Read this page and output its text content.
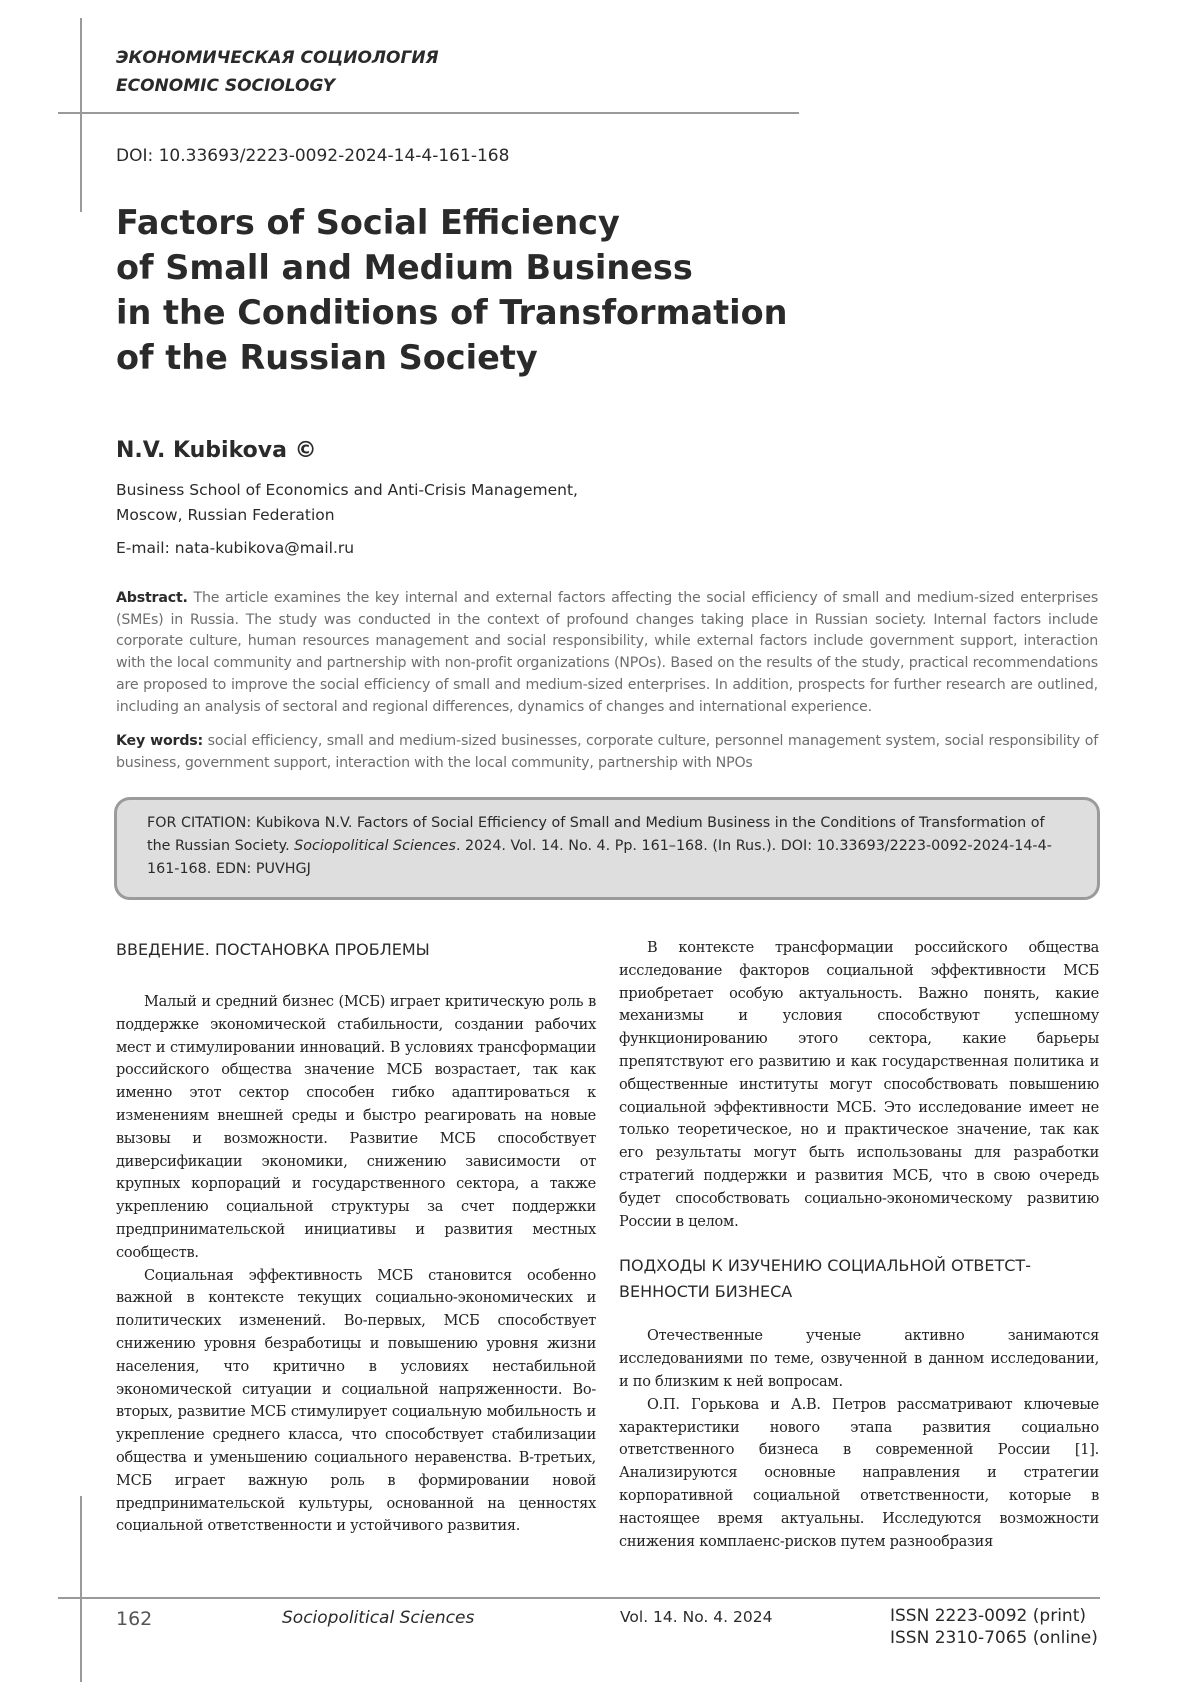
ЭКОНОМИЧЕСКАЯ СОЦИОЛОГИЯ
ECONOMIC SOCIOLOGY
DOI: 10.33693/2223-0092-2024-14-4-161-168
Factors of Social Efficiency
of Small and Medium Business
in the Conditions of Transformation
of the Russian Society
N.V. Kubikova ©
Business School of Economics and Anti-Crisis Management,
Moscow, Russian Federation
E-mail: nata-kubikova@mail.ru

Abstract. The article examines the key internal and external factors affecting the social efficiency of small and medium-sized enterprises (SMEs) in Russia. The study was conducted in the context of profound changes taking place in Russian society. Internal factors include corporate culture, human resources management and social responsibility, while external factors include government support, interaction with the local community and partnership with non-profit organizations (NPOs). Based on the results of the study, practical recommendations are proposed to improve the social efficiency of small and medium-sized enterprises. In addition, prospects for further research are outlined, including an analysis of sectoral and regional differences, dynamics of changes and international experience.

Key words: social efficiency, small and medium-sized businesses, corporate culture, personnel management system, social responsibility of business, government support, interaction with the local community, partnership with NPOs

FOR CITATION: Kubikova N.V. Factors of Social Efficiency of Small and Medium Business in the Conditions of Transformation of the Russian Society. Sociopolitical Sciences. 2024. Vol. 14. No. 4. Pp. 161–168. (In Rus.). DOI: 10.33693/2223-0092-2024-14-4-161-168. EDN: PUVHGJ
ВВЕДЕНИЕ. ПОСТАНОВКА ПРОБЛЕМЫ

Малый и средний бизнес (МСБ) играет критическую роль в поддержке экономической стабильности, создании рабочих мест и стимулировании инноваций. В условиях трансформации российского общества значение МСБ возрастает, так как именно этот сектор способен гибко адаптироваться к изменениям внешней среды и быстро реагировать на новые вызовы и возможности. Развитие МСБ способствует диверсификации экономики, снижению зависимости от крупных корпораций и государственного сектора, а также укреплению социальной структуры за счет поддержки предпринимательской инициативы и развития местных сообществ.

Социальная эффективность МСБ становится особенно важной в контексте текущих социально-экономических и политических изменений. Во-первых, МСБ способствует снижению уровня безработицы и повышению уровня жизни населения, что критично в условиях нестабильной экономической ситуации и социальной напряженности. Во-вторых, развитие МСБ стимулирует социальную мобильность и укрепление среднего класса, что способствует стабилизации общества и уменьшению социального неравенства. В-третьих, МСБ играет важную роль в формировании новой предпринимательской культуры, основанной на ценностях социальной ответственности и устойчивого развития.

В контексте трансформации российского общества исследование факторов социальной эффективности МСБ приобретает особую актуальность. Важно понять, какие механизмы и условия способствуют успешному функционированию этого сектора, какие барьеры препятствуют его развитию и как государственная политика и общественные институты могут способствовать повышению социальной эффективности МСБ. Это исследование имеет не только теоретическое, но и практическое значение, так как его результаты могут быть использованы для разработки стратегий поддержки и развития МСБ, что в свою очередь будет способствовать социально-экономическому развитию России в целом.

ПОДХОДЫ К ИЗУЧЕНИЮ СОЦИАЛЬНОЙ ОТВЕТСТ-
ВЕННОСТИ БИЗНЕСА

Отечественные ученые активно занимаются исследованиями по теме, озвученной в данном исследовании, и по близким к ней вопросам.

О.П. Горькова и А.В. Петров рассматривают ключевые характеристики нового этапа развития социально ответственного бизнеса в современной России [1]. Анализируются основные направления и стратегии корпоративной социальной ответственности, которые в настоящее время актуальны. Исследуются возможности снижения комплаенс-рисков путем разнообразия

162	Sociopolitical Sciences	Vol. 14. No. 4. 2024	ISSN 2223-0092 (print)
ISSN 2310-7065 (online)
